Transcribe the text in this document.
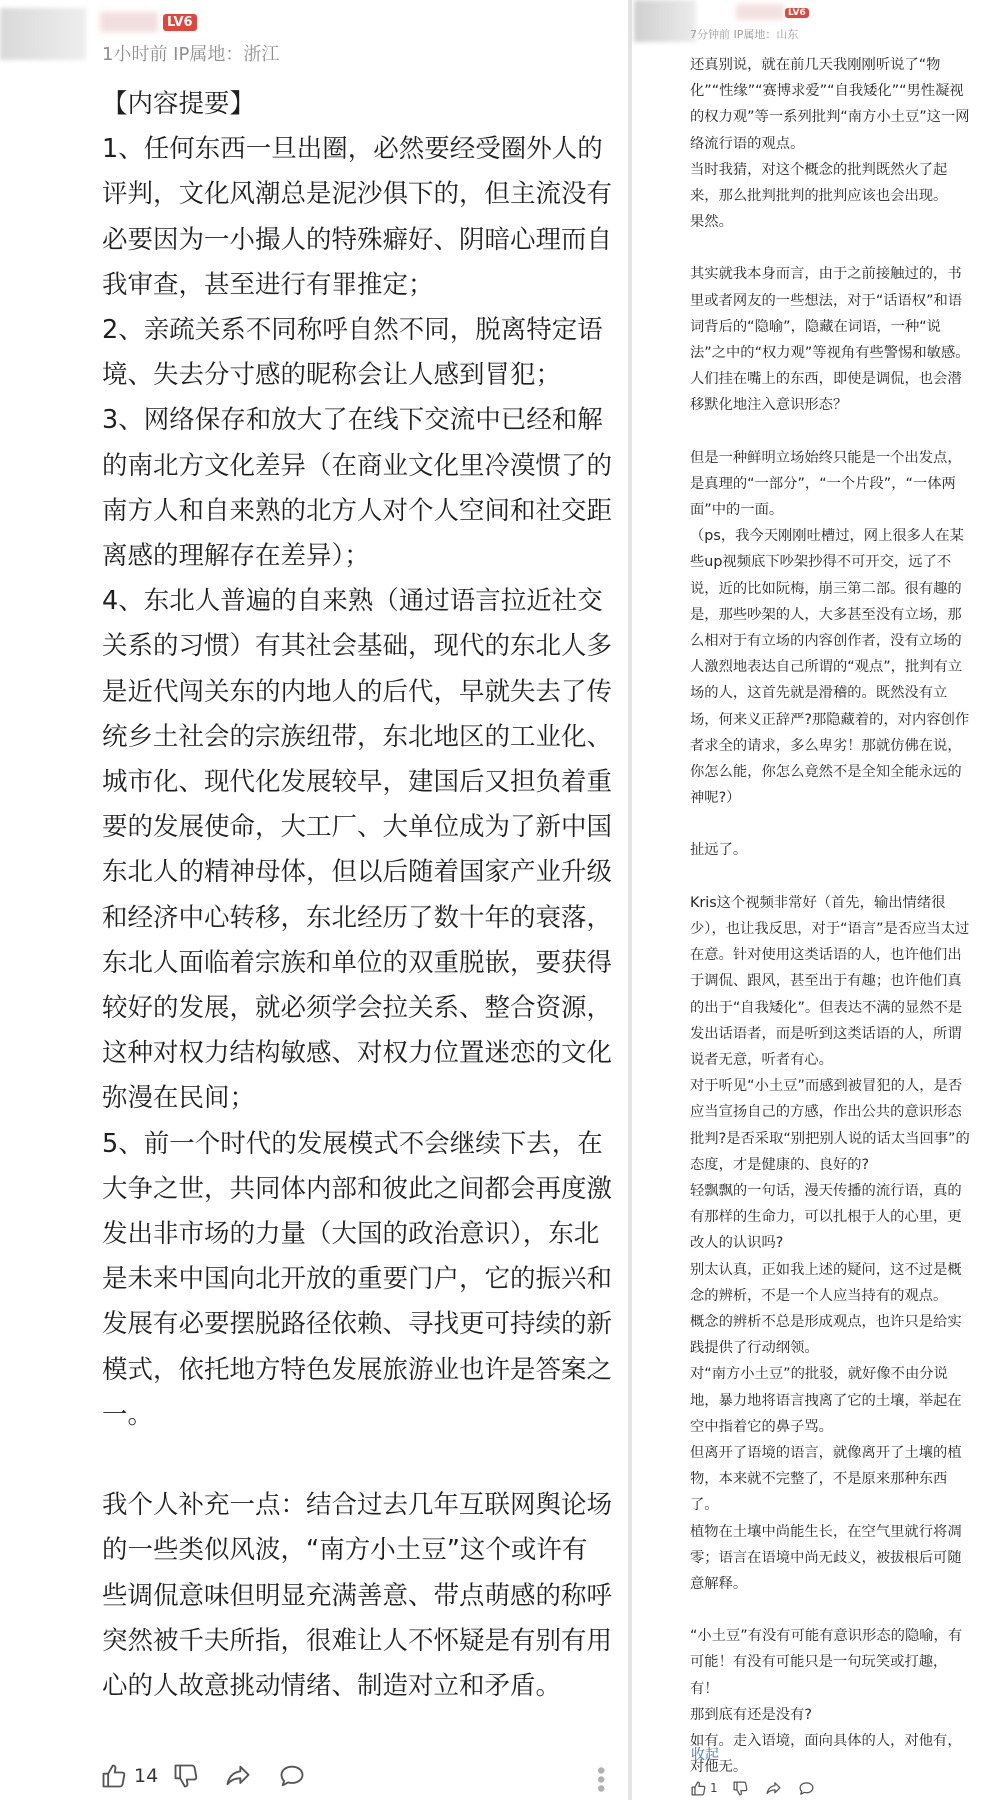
LV6
1小时前 IP属地：浙江

【内容提要】

1、任何东西一旦出圈，必然要经受圈外人的评判，文化风潮总是泥沙俱下的，但主流没有必要因为一小撮人的特殊癖好、阴暗心理而自我审查，甚至进行有罪推定；

2、亲疏关系不同称呼自然不同，脱离特定语境、失去分寸感的昵称会让人感到冒犯；

3、网络保存和放大了在线下交流中已经和解的南北方文化差异（在商业文化里冷漠惯了的南方人和自来熟的北方人对个人空间和社交距离感的理解存在差异）；

4、东北人普遍的自来熟（通过语言拉近社交关系的习惯）有其社会基础，现代的东北人多是近代闯关东的内地人的后代，早就失去了传统乡土社会的宗族纽带，东北地区的工业化、城市化、现代化发展较早，建国后又担负着重要的发展使命，大工厂、大单位成为了新中国东北人的精神母体，但以后随着国家产业升级和经济中心转移，东北经历了数十年的衰落，东北人面临着宗族和单位的双重脱嵌，要获得较好的发展，就必须学会拉关系、整合资源，这种对权力结构敏感、对权力位置迷恋的文化弥漫在民间；

5、前一个时代的发展模式不会继续下去，在大争之世，共同体内部和彼此之间都会再度激发出非市场的力量（大国的政治意识），东北是未来中国向北开放的重要门户，它的振兴和发展有必要摆脱路径依赖、寻找更可持续的新模式，依托地方特色发展旅游业也许是答案之一。

我个人补充一点：结合过去几年互联网舆论场的一些类似风波，“南方小土豆”这个或许有些调侃意味但明显充满善意、带点萌感的称呼突然被千夫所指，很难让人不怀疑是有别有用心的人故意挑动情绪、制造对立和矛盾。

14	•••
LV6
7分钟前 IP属地：山东

还真别说，就在前几天我刚刚听说了“物化”“性缘”“赛博求爱”“自我矮化”“男性凝视的权力观”等一系列批判“南方小土豆”这一网络流行语的观点。

当时我猜，对这个概念的批判既然火了起来，那么批判批判的批判应该也会出现。

果然。

其实就我本身而言，由于之前接触过的，书里或者网友的一些想法，对于“话语权”和语词背后的“隐喻”，隐藏在词语，一种“说法”之中的“权力观”等视角有些警惕和敏感。

人们挂在嘴上的东西，即使是调侃，也会潜移默化地注入意识形态？

但是一种鲜明立场始终只能是一个出发点，是真理的“一部分”，“一个片段”，“一体两面”中的一面。

（ps，我今天刚刚吐槽过，网上很多人在某些up视频底下吵架抄得不可开交，远了不说，近的比如阮梅，崩三第二部。很有趣的是，那些吵架的人，大多甚至没有立场，那么相对于有立场的内容创作者，没有立场的人激烈地表达自己所谓的“观点”，批判有立场的人，这首先就是滑稽的。既然没有立场，何来义正辞严?那隐藏着的，对内容创作者求全的请求，多么卑劣！那就仿佛在说，你怎么能，你怎么竟然不是全知全能永远的神呢?）

扯远了。

Kris这个视频非常好（首先，输出情绪很少），也让我反思，对于“语言”是否应当太过在意。针对使用这类话语的人，也许他们出于调侃、跟风，甚至出于有趣；也许他们真的出于“自我矮化”。但表达不满的显然不是发出话语者，而是听到这类话语的人，所谓说者无意，听者有心。

对于听见“小土豆”而感到被冒犯的人，是否应当宣扬自己的方感，作出公共的意识形态批判?是否采取“别把别人说的话太当回事”的态度，才是健康的、良好的?

轻飘飘的一句话，漫天传播的流行语，真的有那样的生命力，可以扎根于人的心里，更改人的认识吗?

别太认真，正如我上述的疑问，这不过是概念的辨析，不是一个人应当持有的观点。

概念的辨析不总是形成观点，也许只是给实践提供了行动纲领。

对“南方小土豆”的批驳，就好像不由分说地，暴力地将语言拽离了它的土壤，举起在空中指着它的鼻子骂。

但离开了语境的语言，就像离开了土壤的植物，本来就不完整了，不是原来那种东西了。

植物在土壤中尚能生长，在空气里就行将凋零；语言在语境中尚无歧义，被拔根后可随意解释。

“小土豆”有没有可能有意识形态的隐喻，有可能！有没有可能只是一句玩笑或打趣，有！

那到底有还是没有?

如有。走入语境，面向具体的人，对他有，对他无。

收起
1
